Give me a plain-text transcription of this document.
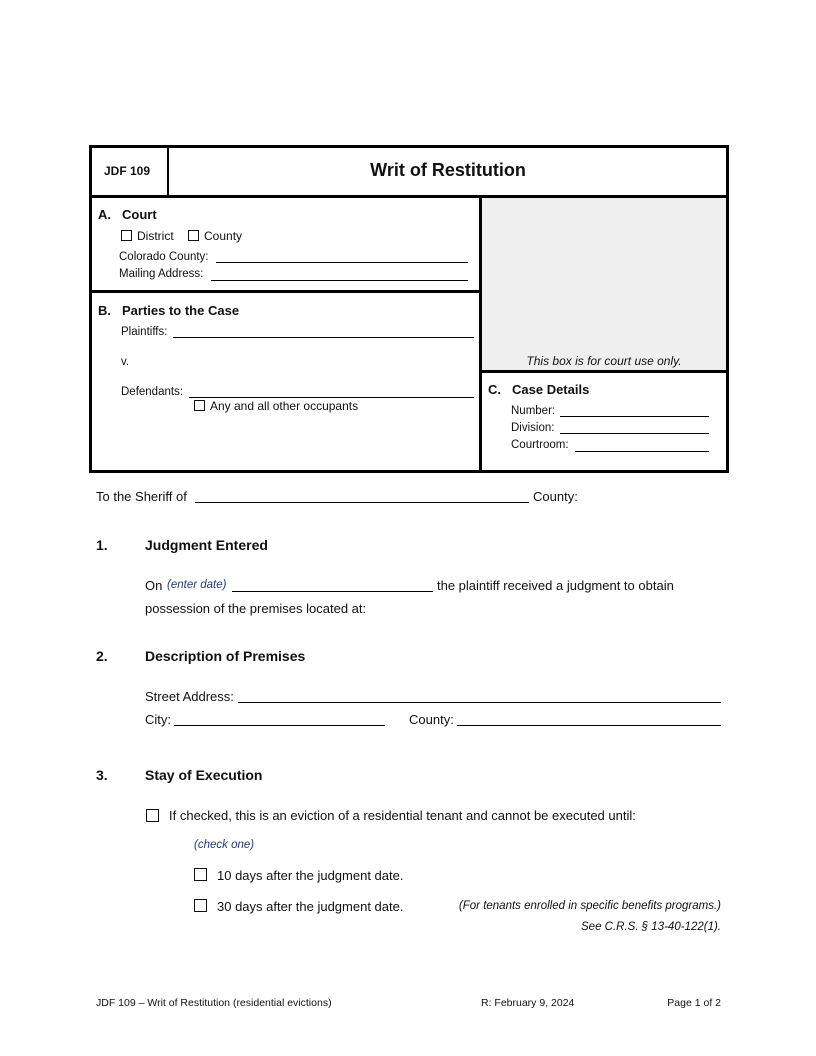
JDF 109	Writ of Restitution
A. Court
District	County
Colorado County:
Mailing Address:
This box is for court use only.
B. Parties to the Case
Plaintiffs:
v.
Defendants:
Any and all other occupants
C. Case Details
Number:
Division:
Courtroom:
To the Sheriff of	County:
1.	Judgment Entered
On (enter date)	the plaintiff received a judgment to obtain
possession of the premises located at:
2.	Description of Premises
Street Address:
City:	County:
3.	Stay of Execution
If checked, this is an eviction of a residential tenant and cannot be executed until:
(check one)
10 days after the judgment date.
30 days after the judgment date.	(For tenants enrolled in specific benefits programs.)
See C.R.S. § 13-40-122(1).
JDF 109 – Writ of Restitution (residential evictions)	R: February 9, 2024	Page 1 of 2
